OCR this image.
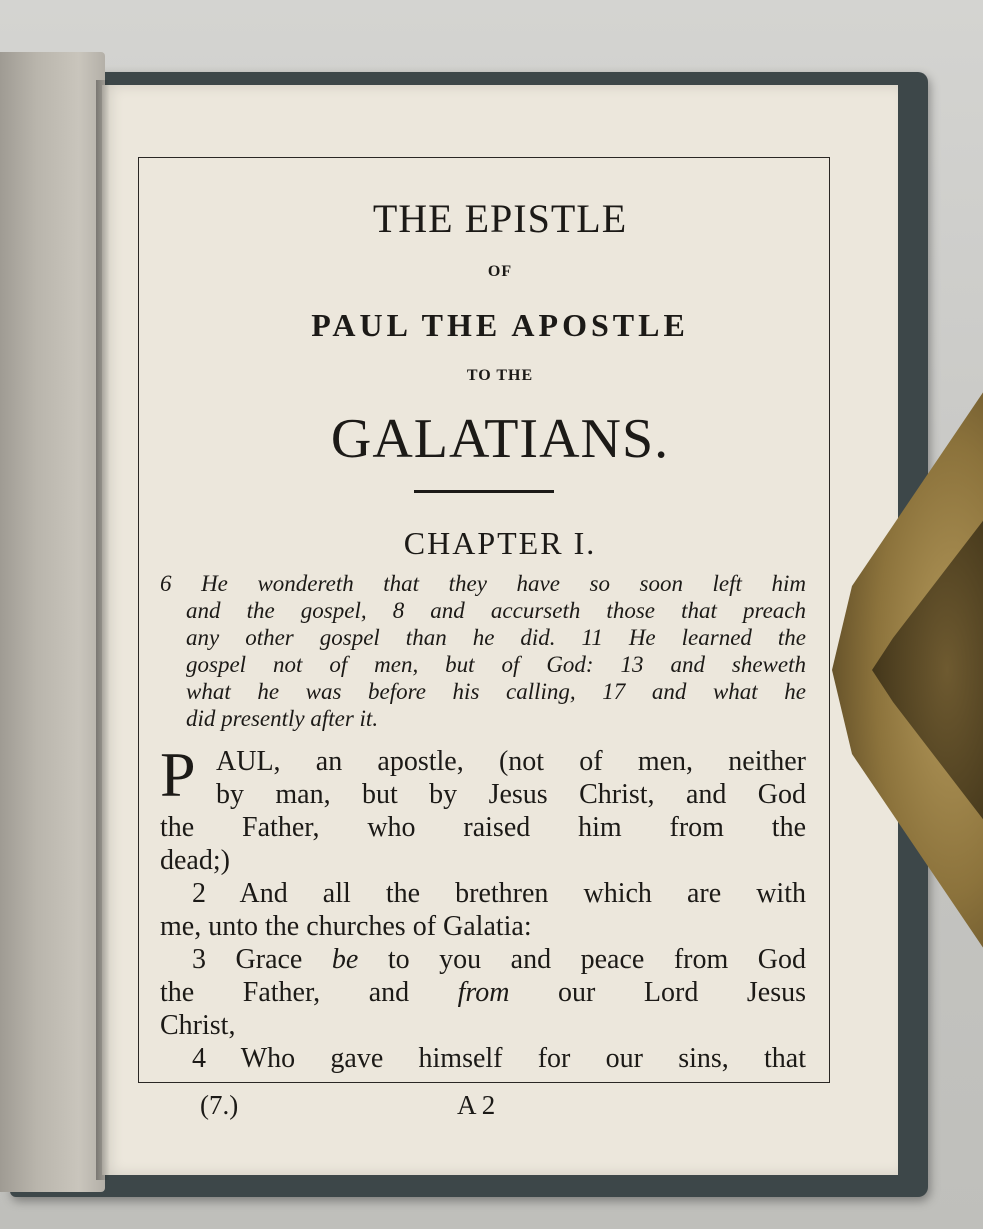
THE EPISTLE
OF
PAUL THE APOSTLE
TO THE
GALATIANS.
CHAPTER I.
6 He wondereth that they have so soon left him
and the gospel, 8 and accurseth those that preach
any other gospel than he did. 11 He learned the
gospel not of men, but of God: 13 and sheweth
what he was before his calling, 17 and what he
did presently after it.
P AUL, an apostle, (not of men, neither
by man, but by Jesus Christ, and God
the Father, who raised him from the
dead;)
2 And all the brethren which are with
me, unto the churches of Galatia:
3 Grace be to you and peace from God
the Father, and from our Lord Jesus
Christ,
4 Who gave himself for our sins, that
(7.)	A 2
